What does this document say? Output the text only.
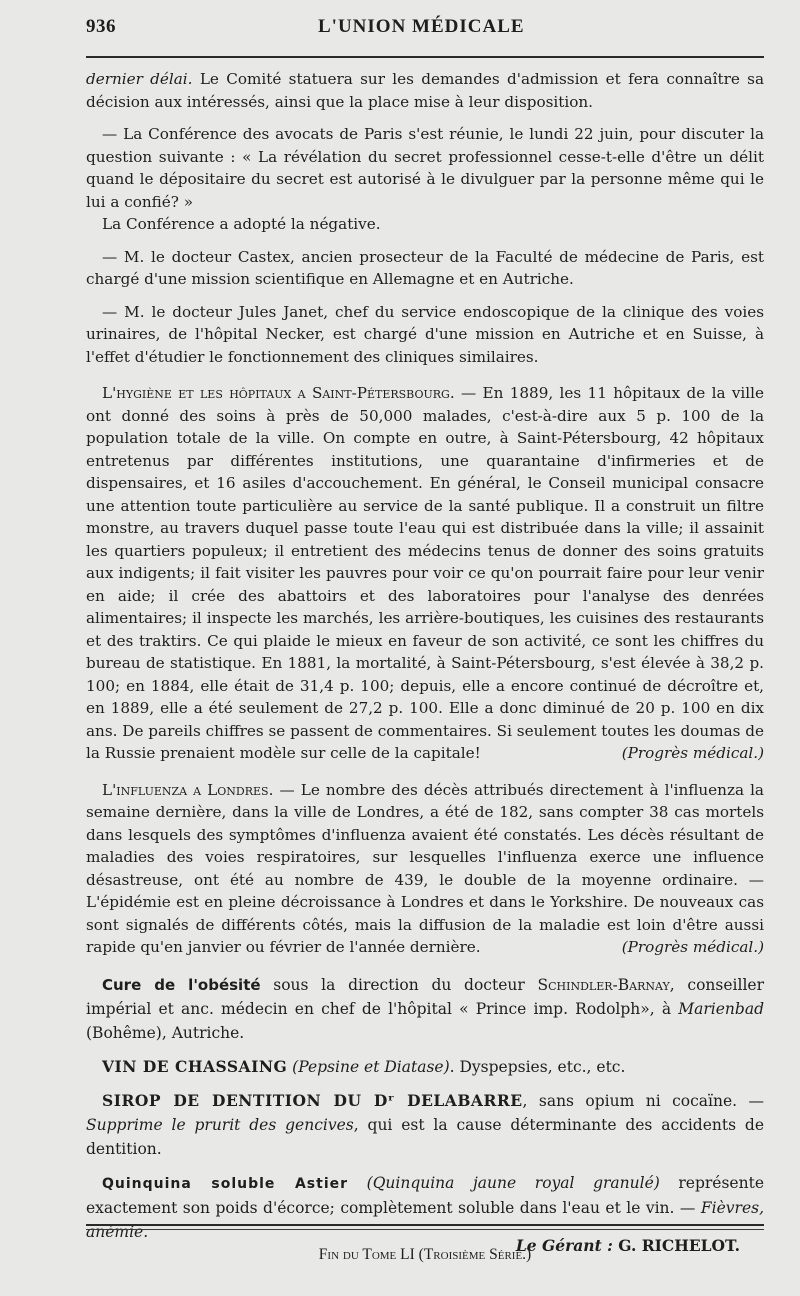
936	L'UNION MÉDICALE

dernier délai. Le Comité statuera sur les demandes d'admission et fera connaître sa décision aux intéressés, ainsi que la place mise à leur disposition.

— La Conférence des avocats de Paris s'est réunie, le lundi 22 juin, pour discuter la question suivante : « La révélation du secret professionnel cesse-t-elle d'être un délit quand le dépositaire du secret est autorisé à le divulguer par la personne même qui le lui a confié? »

La Conférence a adopté la négative.

— M. le docteur Castex, ancien prosecteur de la Faculté de médecine de Paris, est chargé d'une mission scientifique en Allemagne et en Autriche.

— M. le docteur Jules Janet, chef du service endoscopique de la clinique des voies urinaires, de l'hôpital Necker, est chargé d'une mission en Autriche et en Suisse, à l'effet d'étudier le fonctionnement des cliniques similaires.

L'hygiène et les hôpitaux a Saint-Pétersbourg. — En 1889, les 11 hôpitaux de la ville ont donné des soins à près de 50,000 malades, c'est-à-dire aux 5 p. 100 de la population totale de la ville. On compte en outre, à Saint-Pétersbourg, 42 hôpitaux entretenus par différentes institutions, une quarantaine d'infirmeries et de dispensaires, et 16 asiles d'accouchement. En général, le Conseil municipal consacre une attention toute particulière au service de la santé publique. Il a construit un filtre monstre, au travers duquel passe toute l'eau qui est distribuée dans la ville; il assainit les quartiers populeux; il entretient des médecins tenus de donner des soins gratuits aux indigents; il fait visiter les pauvres pour voir ce qu'on pourrait faire pour leur venir en aide; il crée des abattoirs et des laboratoires pour l'analyse des denrées alimentaires; il inspecte les marchés, les arrière-boutiques, les cuisines des restaurants et des traktirs. Ce qui plaide le mieux en faveur de son activité, ce sont les chiffres du bureau de statistique. En 1881, la mortalité, à Saint-Pétersbourg, s'est élevée à 38,2 p. 100; en 1884, elle était de 31,4 p. 100; depuis, elle a encore continué de décroître et, en 1889, elle a été seulement de 27,2 p. 100. Elle a donc diminué de 20 p. 100 en dix ans. De pareils chiffres se passent de commentaires. Si seulement toutes les doumas de la Russie prenaient modèle sur celle de la capitale!	(Progrès médical.)

L'influenza a Londres. — Le nombre des décès attribués directement à l'influenza la semaine dernière, dans la ville de Londres, a été de 182, sans compter 38 cas mortels dans lesquels des symptômes d'influenza avaient été constatés. Les décès résultant de maladies des voies respiratoires, sur lesquelles l'influenza exerce une influence désastreuse, ont été au nombre de 439, le double de la moyenne ordinaire. — L'épidémie est en pleine décroissance à Londres et dans le Yorkshire. De nouveaux cas sont signalés de différents côtés, mais la diffusion de la maladie est loin d'être aussi rapide qu'en janvier ou février de l'année dernière.	(Progrès médical.)

Cure de l'obésité sous la direction du docteur Schindler-Barnay, conseiller impérial et anc. médecin en chef de l'hôpital « Prince imp. Rodolph», à Marienbad (Bohême), Autriche.

VIN DE CHASSAING (Pepsine et Diatase). Dyspepsies, etc., etc.

SIROP DE DENTITION DU Dʳ DELABARRE, sans opium ni cocaïne. — Supprime le prurit des gencives, qui est la cause déterminante des accidents de dentition.

Quinquina soluble Astier (Quinquina jaune royal granulé) représente exactement son poids d'écorce; complètement soluble dans l'eau et le vin. — Fièvres, anémie.

Fin du Tome LI (Troisième Série.)

Le Gérant : G. RICHELOT.
